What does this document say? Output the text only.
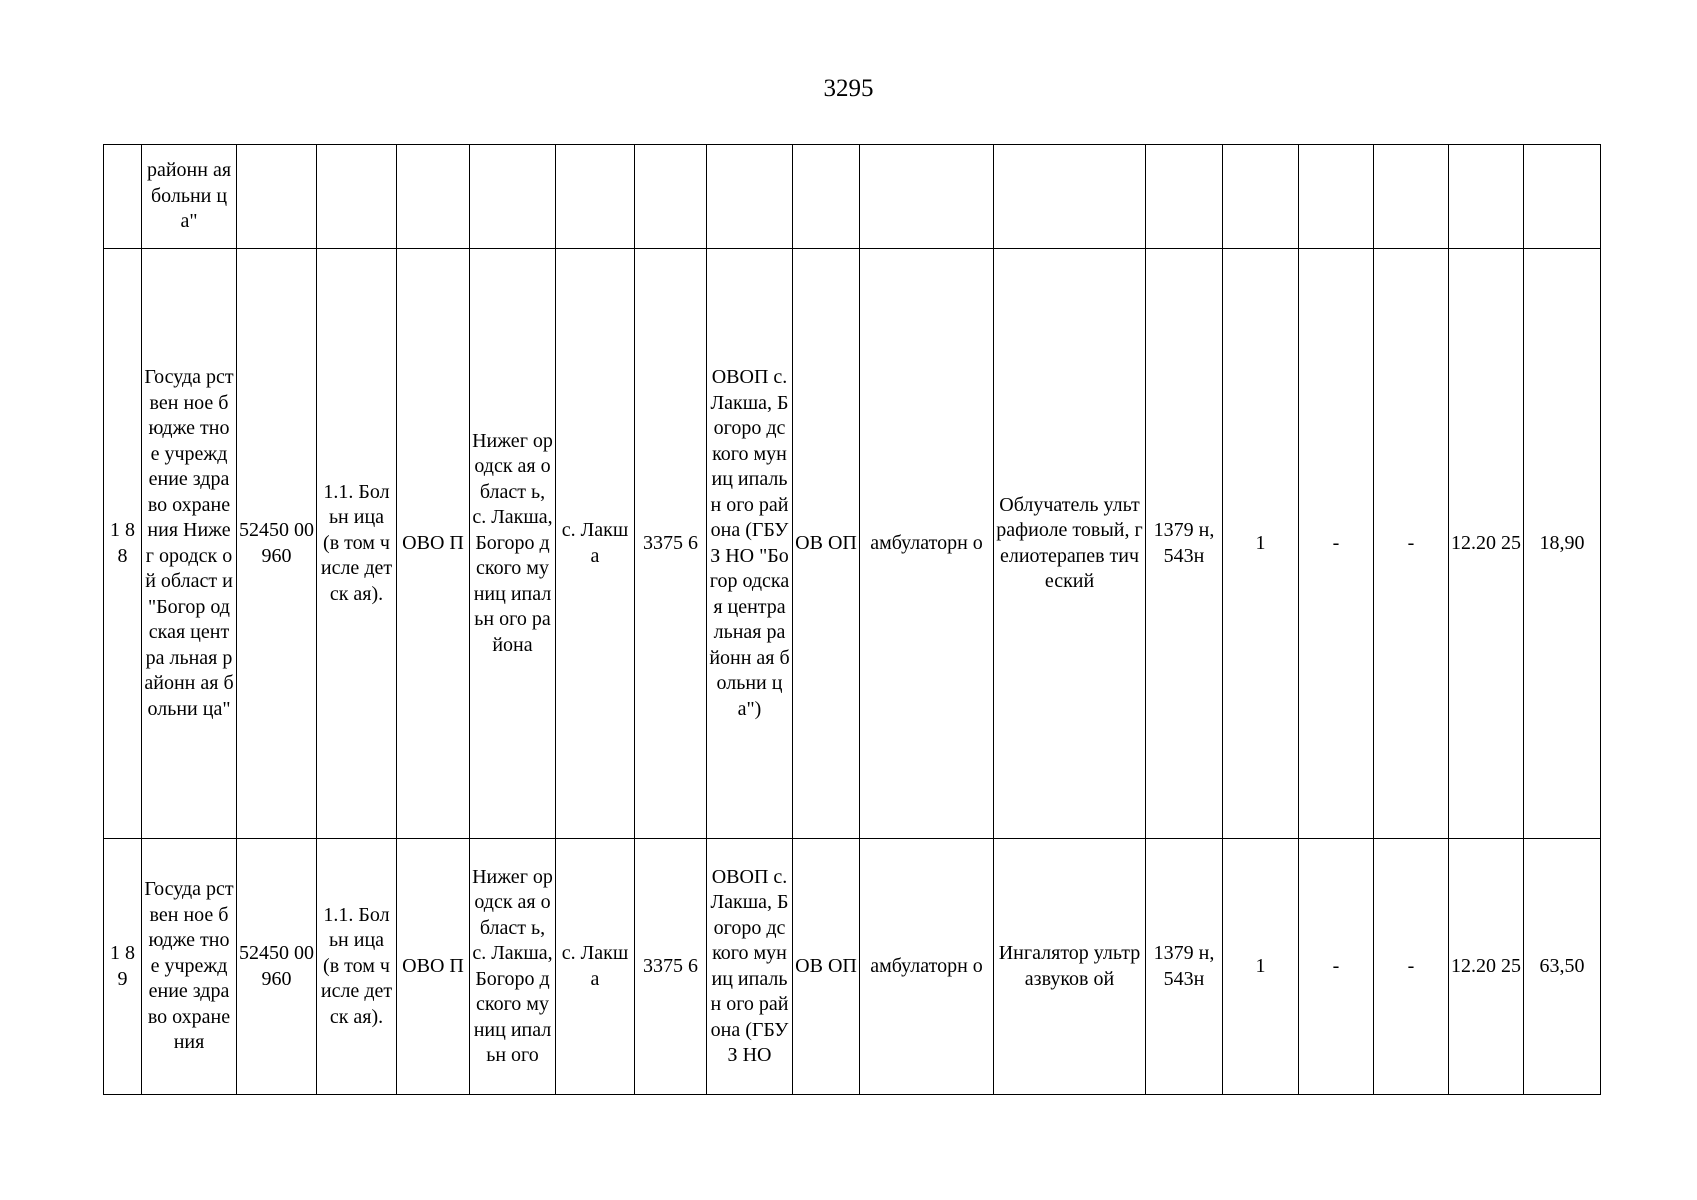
3295
	районн ая больни ца"																
1 8 8	Госуда рствен ное бюдже тное учрежд ение здраво охране ния Нижег ородск ой област и "Богор одская центра льная районн ая больни ца"	52450 00960	1.1. Больн ица (в том числе детск ая).	ОВО П	Нижег ородск ая област ь, с. Лакша, Богоро дского муниц ипальн ого района	с. Лакш а	3375 6	ОВОП с. Лакша, Богоро дского муниц ипальн ого района (ГБУЗ НО "Богор одская центра льная районн ая больни ца")	ОВ ОП	амбулаторн о	Облучатель ультрафиоле товый, гелиотерапев тический	1379 н, 543н	1	-	-	12.20 25	18,90
1 8 9	Госуда рствен ное бюдже тное учрежд ение здраво охране ния	52450 00960	1.1. Больн ица (в том числе детск ая).	ОВО П	Нижег ородск ая област ь, с. Лакша, Богоро дского муниц ипальн ого	с. Лакш а	3375 6	ОВОП с. Лакша, Богоро дского муниц ипальн ого района (ГБУЗ НО	ОВ ОП	амбулаторн о	Ингалятор ультразвуков ой	1379 н, 543н	1	-	-	12.20 25	63,50
